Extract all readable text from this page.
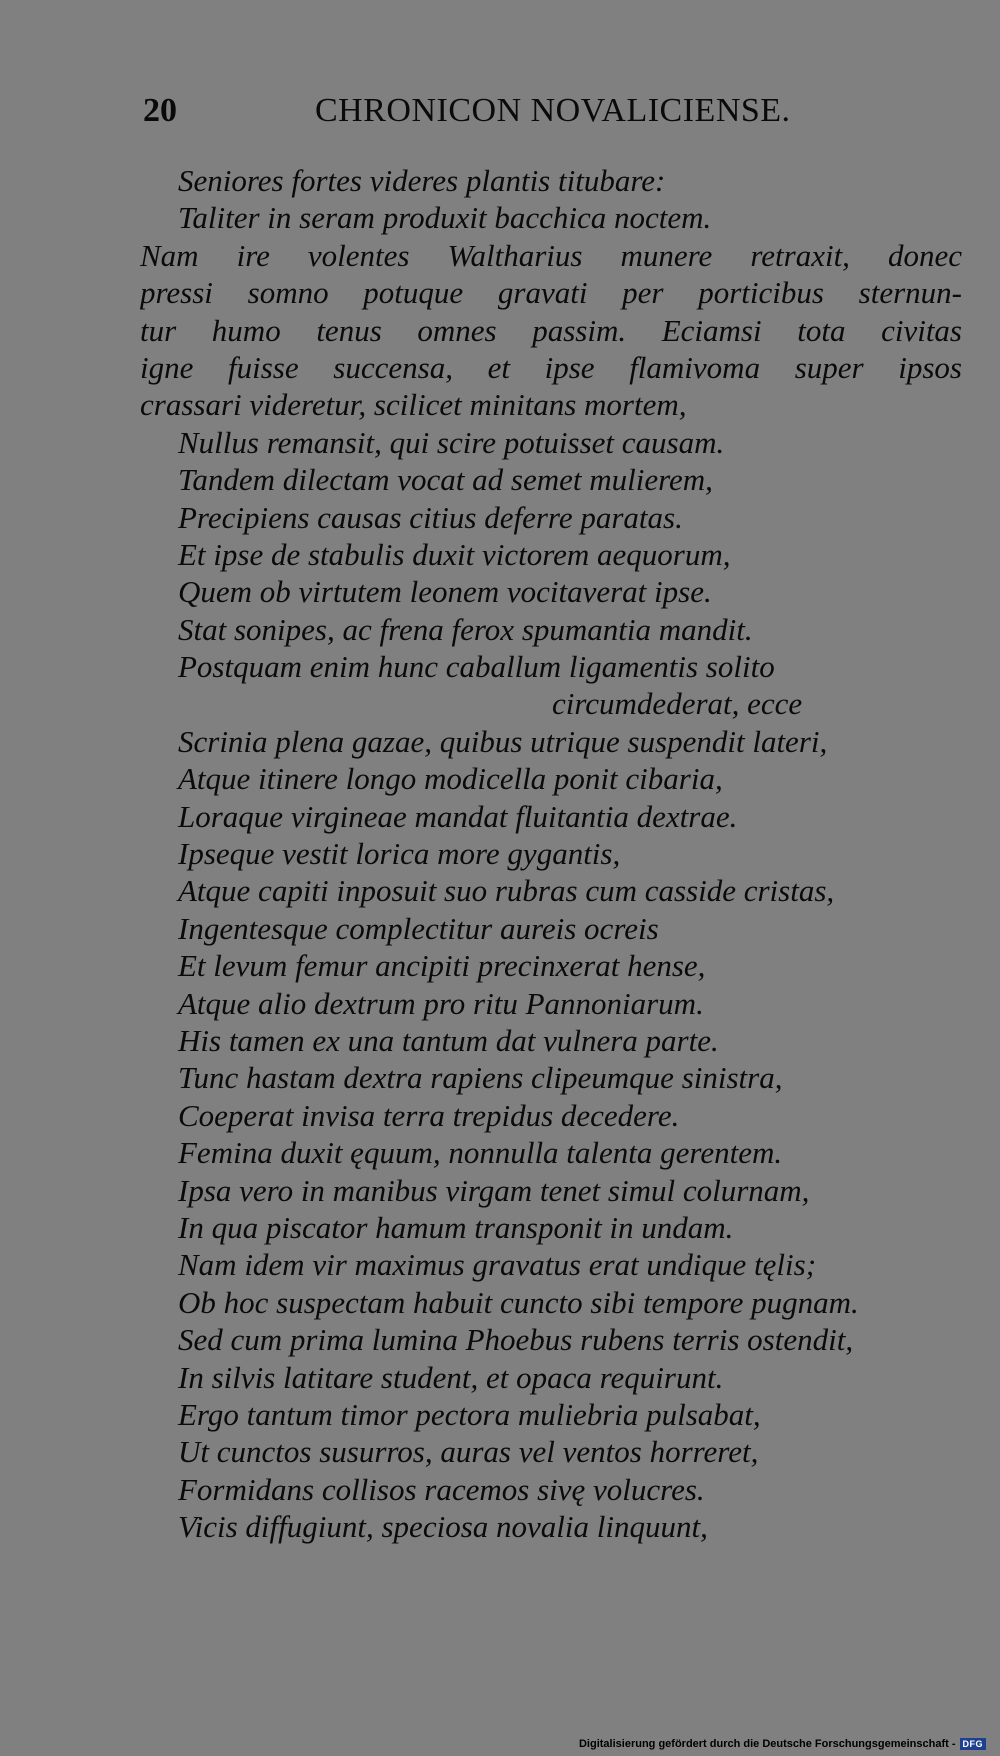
20	CHRONICON NOVALICIENSE.
Seniores fortes videres plantis titubare:
Taliter in seram produxit bacchica noctem.
Nam ire volentes Waltharius munere retraxit, donec
pressi somno potuque gravati per porticibus sternun-
tur humo tenus omnes passim. Eciamsi tota civitas
igne fuisse succensa, et ipse flamivoma super ipsos
crassari videretur, scilicet minitans mortem,
Nullus remansit, qui scire potuisset causam.
Tandem dilectam vocat ad semet mulierem,
Precipiens causas citius deferre paratas.
Et ipse de stabulis duxit victorem aequorum,
Quem ob virtutem leonem vocitaverat ipse.
Stat sonipes, ac frena ferox spumantia mandit.
Postquam enim hunc caballum ligamentis solito
circumdederat, ecce
Scrinia plena gazae, quibus utrique suspendit lateri,
Atque itinere longo modicella ponit cibaria,
Loraque virgineae mandat fluitantia dextrae.
Ipseque vestit lorica more gygantis,
Atque capiti inposuit suo rubras cum casside cristas,
Ingentesque complectitur aureis ocreis
Et levum femur ancipiti precinxerat hense,
Atque alio dextrum pro ritu Pannoniarum.
His tamen ex una tantum dat vulnera parte.
Tunc hastam dextra rapiens clipeumque sinistra,
Coeperat invisa terra trepidus decedere.
Femina duxit ęquum, nonnulla talenta gerentem.
Ipsa vero in manibus virgam tenet simul colurnam,
In qua piscator hamum transponit in undam.
Nam idem vir maximus gravatus erat undique tęlis;
Ob hoc suspectam habuit cuncto sibi tempore pugnam.
Sed cum prima lumina Phoebus rubens terris ostendit,
In silvis latitare student, et opaca requirunt.
Ergo tantum timor pectora muliebria pulsabat,
Ut cunctos susurros, auras vel ventos horreret,
Formidans collisos racemos sivę volucres.
Vicis diffugiunt, speciosa novalia linquunt,
Digitalisierung gefördert durch die Deutsche Forschungsgemeinschaft - DFG
